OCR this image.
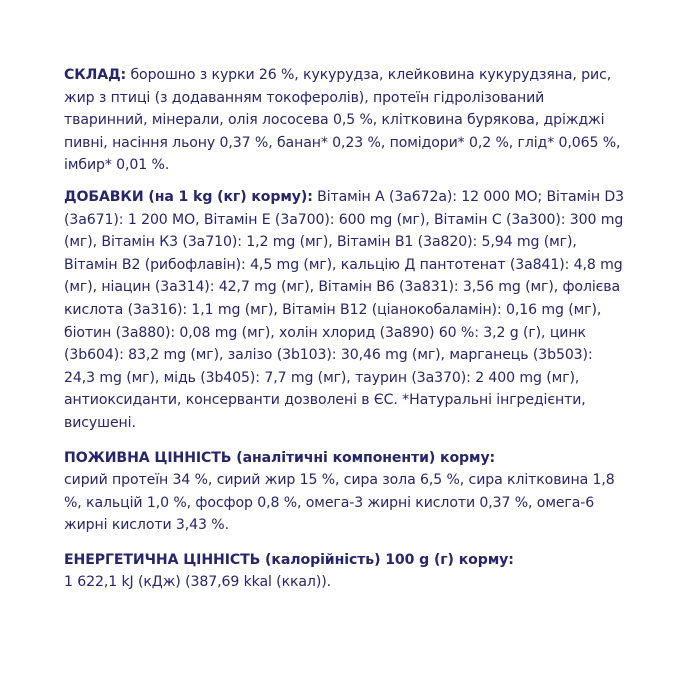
СКЛАД: борошно з курки 26 %, кукурудза, клейковина кукурудзяна, рис, жир з птиці (з додаванням токоферолів), протеїн гідролізований тваринний, мінерали, олія лососева 0,5 %, клітковина бурякова, дріжджі пивні, насіння льону 0,37 %, банан* 0,23 %, помідори* 0,2 %, глід* 0,065 %, імбир* 0,01 %.

ДОБАВКИ (на 1 kg (кг) корму): Вітамін А (3а672а): 12 000 МО; Вітамін D3 (3а671): 1 200 МО, Вітамін Е (3а700): 600 mg (мг), Вітамін С (3а300): 300 mg (мг), Вітамін К3 (3а710): 1,2 mg (мг), Вітамін В1 (3а820): 5,94 mg (мг), Вітамін В2 (рибофлавін): 4,5 mg (мг), кальцію Д пантотенат (3а841): 4,8 mg (мг), ніацин (3а314): 42,7 mg (мг), Вітамін В6 (3а831): 3,56 mg (мг), фолієва кислота (3а316): 1,1 mg (мг), Вітамін В12 (ціанокобаламін): 0,16 mg (мг), біотин (3а880): 0,08 mg (мг), холін хлорид (3а890) 60 %: 3,2 g (г), цинк (3b604): 83,2 mg (мг), залізо (3b103): 30,46 mg (мг), марганець (3b503): 24,3 mg (мг), мідь (3b405): 7,7 mg (мг), таурин (3а370): 2 400 mg (мг), антиоксиданти, консерванти дозволені в ЄС. *Натуральні інгредієнти, висушені.

ПОЖИВНА ЦІННІСТЬ (аналітичні компоненти) корму:
сирий протеїн 34 %, сирий жир 15 %, сира зола 6,5 %, сира клітковина 1,8 %, кальцій 1,0 %, фосфор 0,8 %, омега-3 жирні кислоти 0,37 %, омега-6 жирні кислоти 3,43 %.

ЕНЕРГЕТИЧНА ЦІННІСТЬ (калорійність) 100 g (г) корму:
1 622,1 kJ (кДж) (387,69 kkal (ккал)).
